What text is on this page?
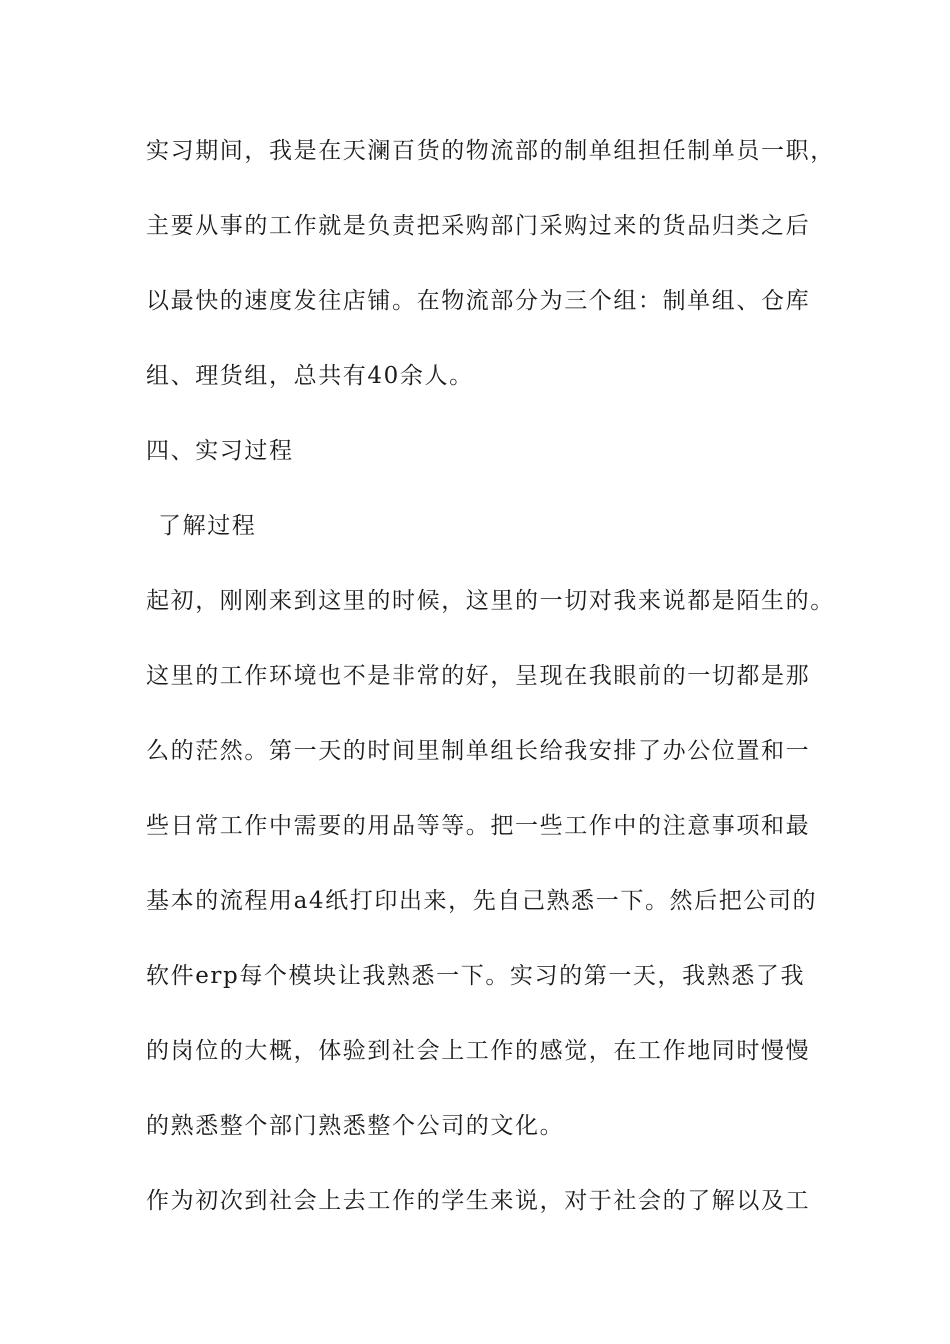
实习期间，我是在天澜百货的物流部的制单组担任制单员一职，
主要从事的工作就是负责把采购部门采购过来的货品归类之后
以最快的速度发往店铺。在物流部分为三个组：制单组、仓库
组、理货组，总共有40余人。
四、实习过程
了解过程
起初，刚刚来到这里的时候，这里的一切对我来说都是陌生的。
这里的工作环境也不是非常的好，呈现在我眼前的一切都是那
么的茫然。第一天的时间里制单组长给我安排了办公位置和一
些日常工作中需要的用品等等。把一些工作中的注意事项和最
基本的流程用a4纸打印出来，先自己熟悉一下。然后把公司的
软件erp每个模块让我熟悉一下。实习的第一天，我熟悉了我
的岗位的大概，体验到社会上工作的感觉，在工作地同时慢慢
的熟悉整个部门熟悉整个公司的文化。
作为初次到社会上去工作的学生来说，对于社会的了解以及工
